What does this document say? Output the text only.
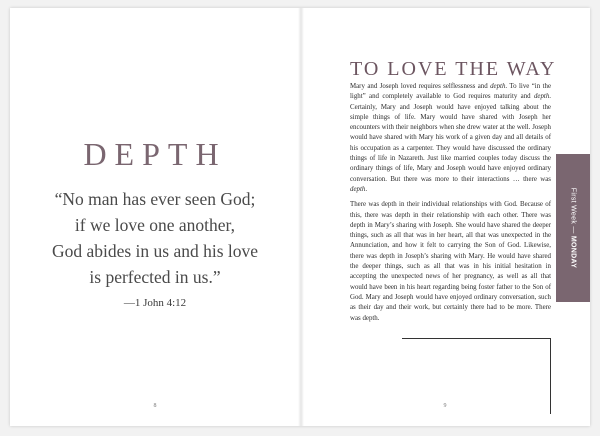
DEPTH
“No man has ever seen God;
if we love one another,
God abides in us and his love
is perfected in us.”
—1 John 4:12
8
TO LOVE THE WAY

Mary and Joseph loved requires selflessness and depth. To live “in the light” and completely available to God requires maturity and depth. Certainly, Mary and Joseph would have enjoyed talking about the simple things of life. Mary would have shared with Joseph her encounters with their neighbors when she drew water at the well. Joseph would have shared with Mary his work of a given day and all details of his occupation as a carpenter. They would have discussed the ordinary things of life in Nazareth. Just like married couples today discuss the ordinary things of life, Mary and Joseph would have enjoyed ordinary conversation. But there was more to their interactions … there was depth.

There was depth in their individual relationships with God. Because of this, there was depth in their relationship with each other. There was depth in Mary’s sharing with Joseph. She would have shared the deeper things, such as all that was in her heart, all that was unexpected in the Annunciation, and how it felt to carrying the Son of God. Likewise, there was depth in Joseph’s sharing with Mary. He would have shared the deeper things, such as all that was in his initial hesitation in accepting the unexpected news of her pregnancy, as well as all that would have been in his heart regarding being foster father to the Son of God. Mary and Joseph would have enjoyed ordinary conversation, such as their day and their work, but certainly there had to be more. There was depth.

9
First Week — MONDAY
